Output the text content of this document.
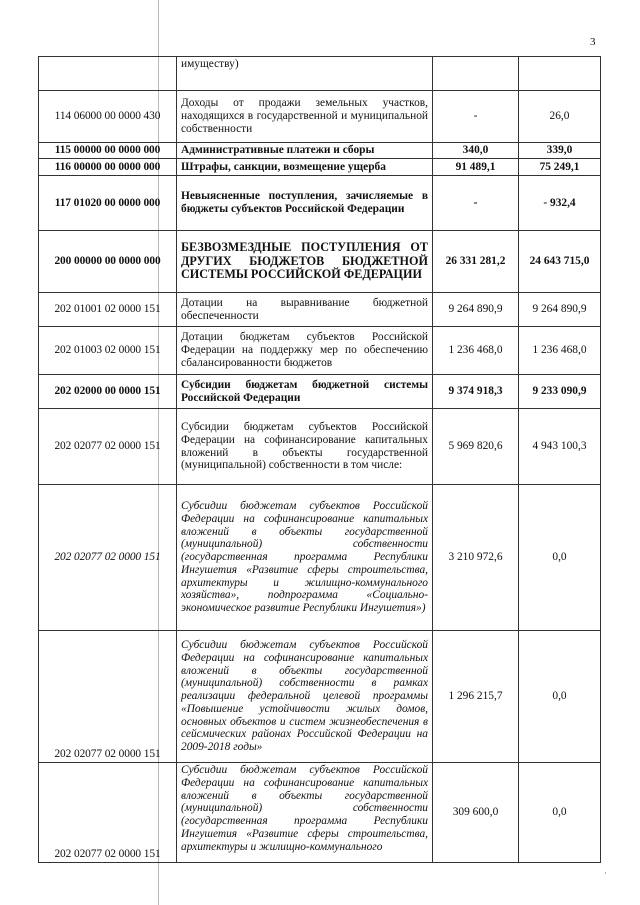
3
·
	имуществу)		
114 06000 00 0000 430	Доходы от продажи земельных участков, находящихся в государственной и муниципальной собственности	-	26,0
115 00000 00 0000 000	Административные платежи и сборы	340,0	339,0
116 00000 00 0000 000	Штрафы, санкции, возмещение ущерба	91 489,1	75 249,1
117 01020 00 0000 000	Невыясненные поступления, зачисляемые в бюджеты субъектов Российской Федерации	-	- 932,4
200 00000 00 0000 000	БЕЗВОЗМЕЗДНЫЕ ПОСТУПЛЕНИЯ ОТ ДРУГИХ БЮДЖЕТОВ БЮДЖЕТНОЙ СИСТЕМЫ РОССИЙСКОЙ ФЕДЕРАЦИИ	26 331 281,2	24 643 715,0
202 01001 02 0000 151	Дотации на выравнивание бюджетной обеспеченности	9 264 890,9	9 264 890,9
202 01003 02 0000 151	Дотации бюджетам субъектов Российской Федерации на поддержку мер по обеспечению сбалансированности бюджетов	1 236 468,0	1 236 468,0
202 02000 00 0000 151	Субсидии бюджетам бюджетной системы Российской Федерации	9 374 918,3	9 233 090,9
202 02077 02 0000 151	Субсидии бюджетам субъектов Российской Федерации на софинансирование капитальных вложений в объекты государственной (муниципальной) собственности в том числе:	5 969 820,6	4 943 100,3
202 02077 02 0000 151	Субсидии бюджетам субъектов Российской Федерации на софинансирование капитальных вложений в объекты государственной (муниципальной) собственности (государственная программа Республики Ингушетия «Развитие сферы строительства, архитектуры и жилищно-коммунального хозяйства», подпрограмма «Социально-экономическое развитие Республики Ингушетия»)	3 210 972,6	0,0
202 02077 02 0000 151	Субсидии бюджетам субъектов Российской Федерации на софинансирование капитальных вложений в объекты государственной (муниципальной) собственности в рамках реализации федеральной целевой программы «Повышение устойчивости жилых домов, основных объектов и систем жизнеобеспечения в сейсмических районах Российской Федерации на 2009-2018 годы»	1 296 215,7	0,0
202 02077 02 0000 151	Субсидии бюджетам субъектов Российской Федерации на софинансирование капитальных вложений в объекты государственной (муниципальной) собственности (государственная программа Республики Ингушетия «Развитие сферы строительства, архитектуры и жилищно-коммунального	309 600,0	0,0
